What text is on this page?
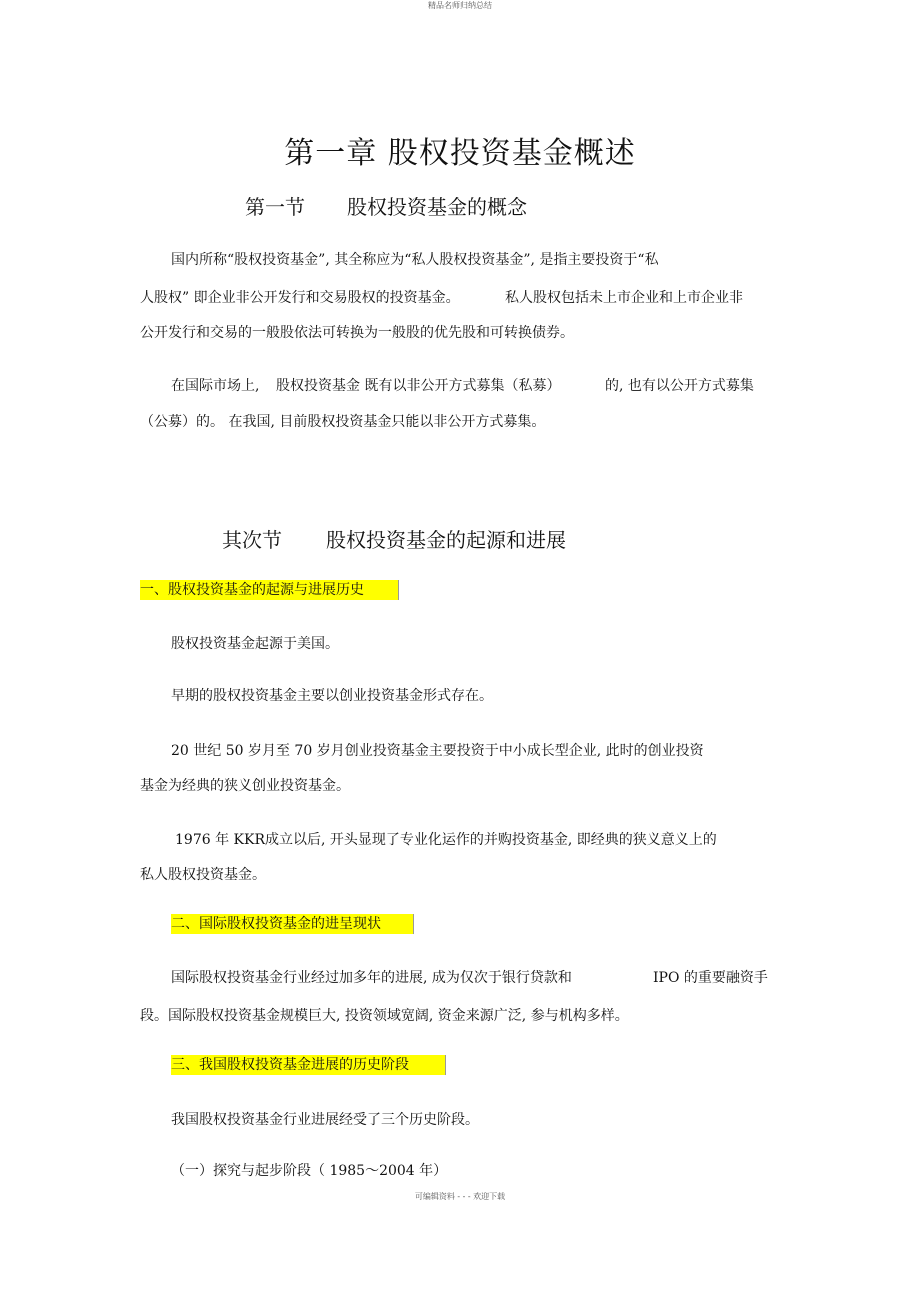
精品名师归纳总结
第一章 股权投资基金概述
第一节 股权投资基金的概念
国内所称“股权投资基金”, 其全称应为“私人股权投资基金”, 是指主要投资于“私
人股权” 即企业非公开发行和交易股权的投资基金。	私人股权包括未上市企业和上市企业非
公开发行和交易的一般股依法可转换为一般股的优先股和可转换债券。
在国际市场上, 股权投资基金 既有以非公开方式募集（私募）	的, 也有以公开方式募集
（公募）的。 在我国, 目前股权投资基金只能以非公开方式募集。
其次节 股权投资基金的起源和进展
一、股权投资基金的起源与进展历史
股权投资基金起源于美国。
早期的股权投资基金主要以创业投资基金形式存在。
20 世纪 50 岁月至 70 岁月创业投资基金主要投资于中小成长型企业, 此时的创业投资
基金为经典的狭义创业投资基金。
1976 年 KKR成立以后, 开头显现了专业化运作的并购投资基金, 即经典的狭义意义上的
私人股权投资基金。
二、国际股权投资基金的进呈现状
国际股权投资基金行业经过加多年的进展, 成为仅次于银行贷款和	IPO 的重要融资手
段。国际股权投资基金规模巨大, 投资领域宽阔, 资金来源广泛, 参与机构多样。
三、我国股权投资基金进展的历史阶段
我国股权投资基金行业进展经受了三个历史阶段。
（一）探究与起步阶段（ 1985～2004 年）
可编辑资料 - - - 欢迎下载
